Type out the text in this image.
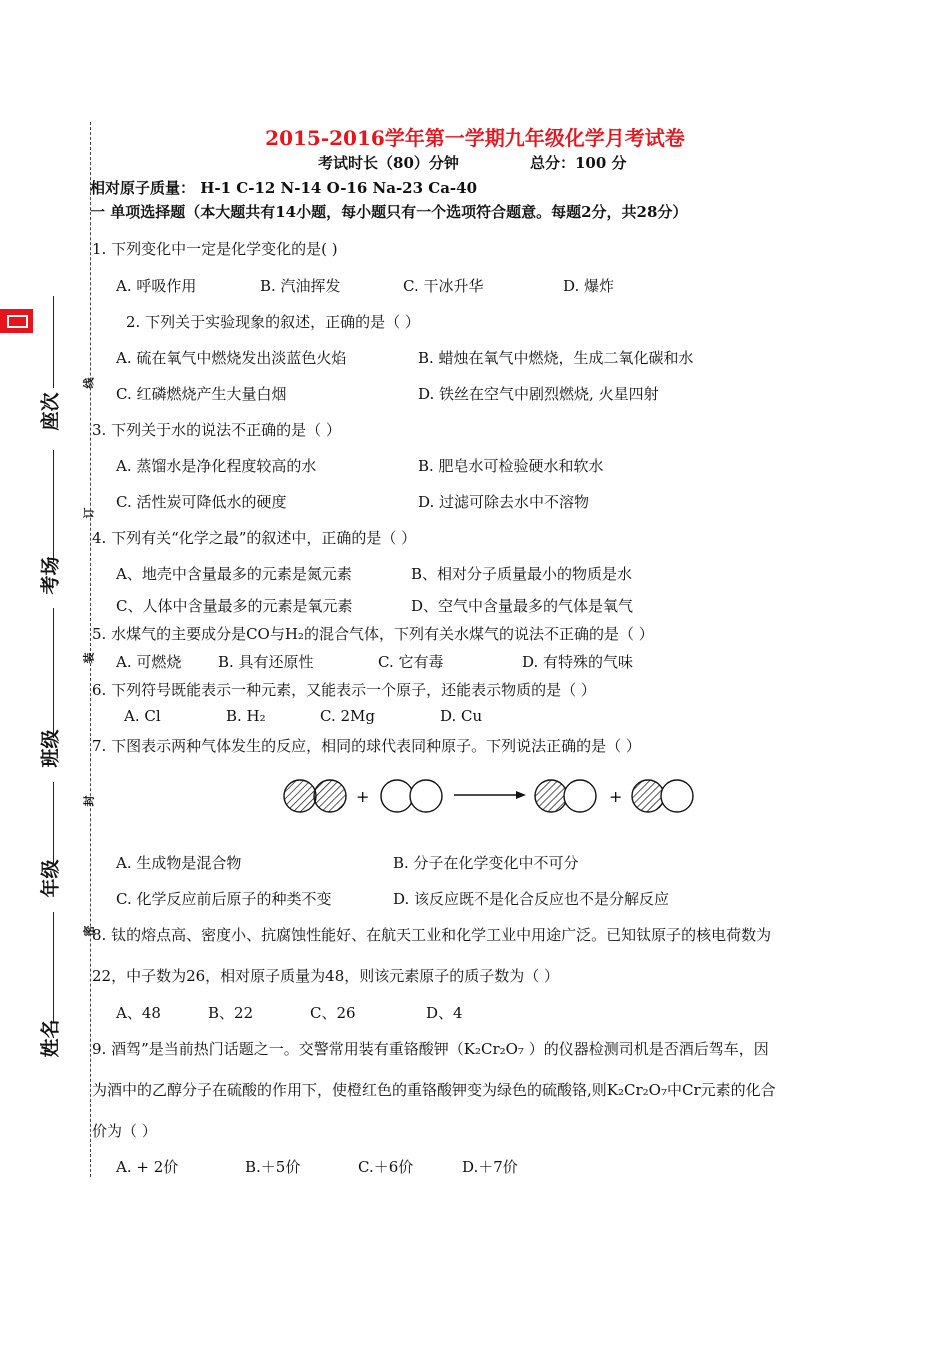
座次
考场
班级
年级
姓名
线
订
装
封
密
2015-2016学年第一学期九年级化学月考试卷
考试时长（80）分钟	总分：100 分
相对原子质量： H-1 C-12 N-14 O-16 Na-23 Ca-40
一 单项选择题（本大题共有14小题，每小题只有一个选项符合题意。每题2分，共28分）
1. 下列变化中一定是化学变化的是( )
A. 呼吸作用	B. 汽油挥发	C. 干冰升华	D. 爆炸
2. 下列关于实验现象的叙述，正确的是（ ）
A. 硫在氧气中燃烧发出淡蓝色火焰	B. 蜡烛在氧气中燃烧，生成二氧化碳和水
C. 红磷燃烧产生大量白烟	D. 铁丝在空气中剧烈燃烧, 火星四射
3. 下列关于水的说法不正确的是（ ）
A. 蒸馏水是净化程度较高的水	B. 肥皂水可检验硬水和软水
C. 活性炭可降低水的硬度	D. 过滤可除去水中不溶物
4. 下列有关“化学之最”的叙述中，正确的是（ ）
A、地壳中含量最多的元素是氮元素	B、相对分子质量最小的物质是水
C、人体中含量最多的元素是氧元素	D、空气中含量最多的气体是氧气
5. 水煤气的主要成分是CO与H₂的混合气体，下列有关水煤气的说法不正确的是（ ）
A. 可燃烧 B. 具有还原性	C. 它有毒	D. 有特殊的气味
6. 下列符号既能表示一种元素，又能表示一个原子，还能表示物质的是（ ）
A. Cl	B. H₂	C. 2Mg	D. Cu
7. 下图表示两种气体发生的反应，相同的球代表同种原子。下列说法正确的是（ ）
+	+
A. 生成物是混合物	B. 分子在化学变化中不可分
C. 化学反应前后原子的种类不变	D. 该反应既不是化合反应也不是分解反应
8. 钛的熔点高、密度小、抗腐蚀性能好、在航天工业和化学工业中用途广泛。已知钛原子的核电荷数为
22，中子数为26，相对原子质量为48，则该元素原子的质子数为（ ）
A、48	B、22	C、26	D、4
9. 酒驾”是当前热门话题之一。交警常用装有重铬酸钾（K₂Cr₂O₇ ）的仪器检测司机是否酒后驾车，因
为酒中的乙醇分子在硫酸的作用下，使橙红色的重铬酸钾变为绿色的硫酸铬,则K₂Cr₂O₇中Cr元素的化合
价为（ ）
A. + 2价	B.＋5价	C.＋6价	D.＋7价
